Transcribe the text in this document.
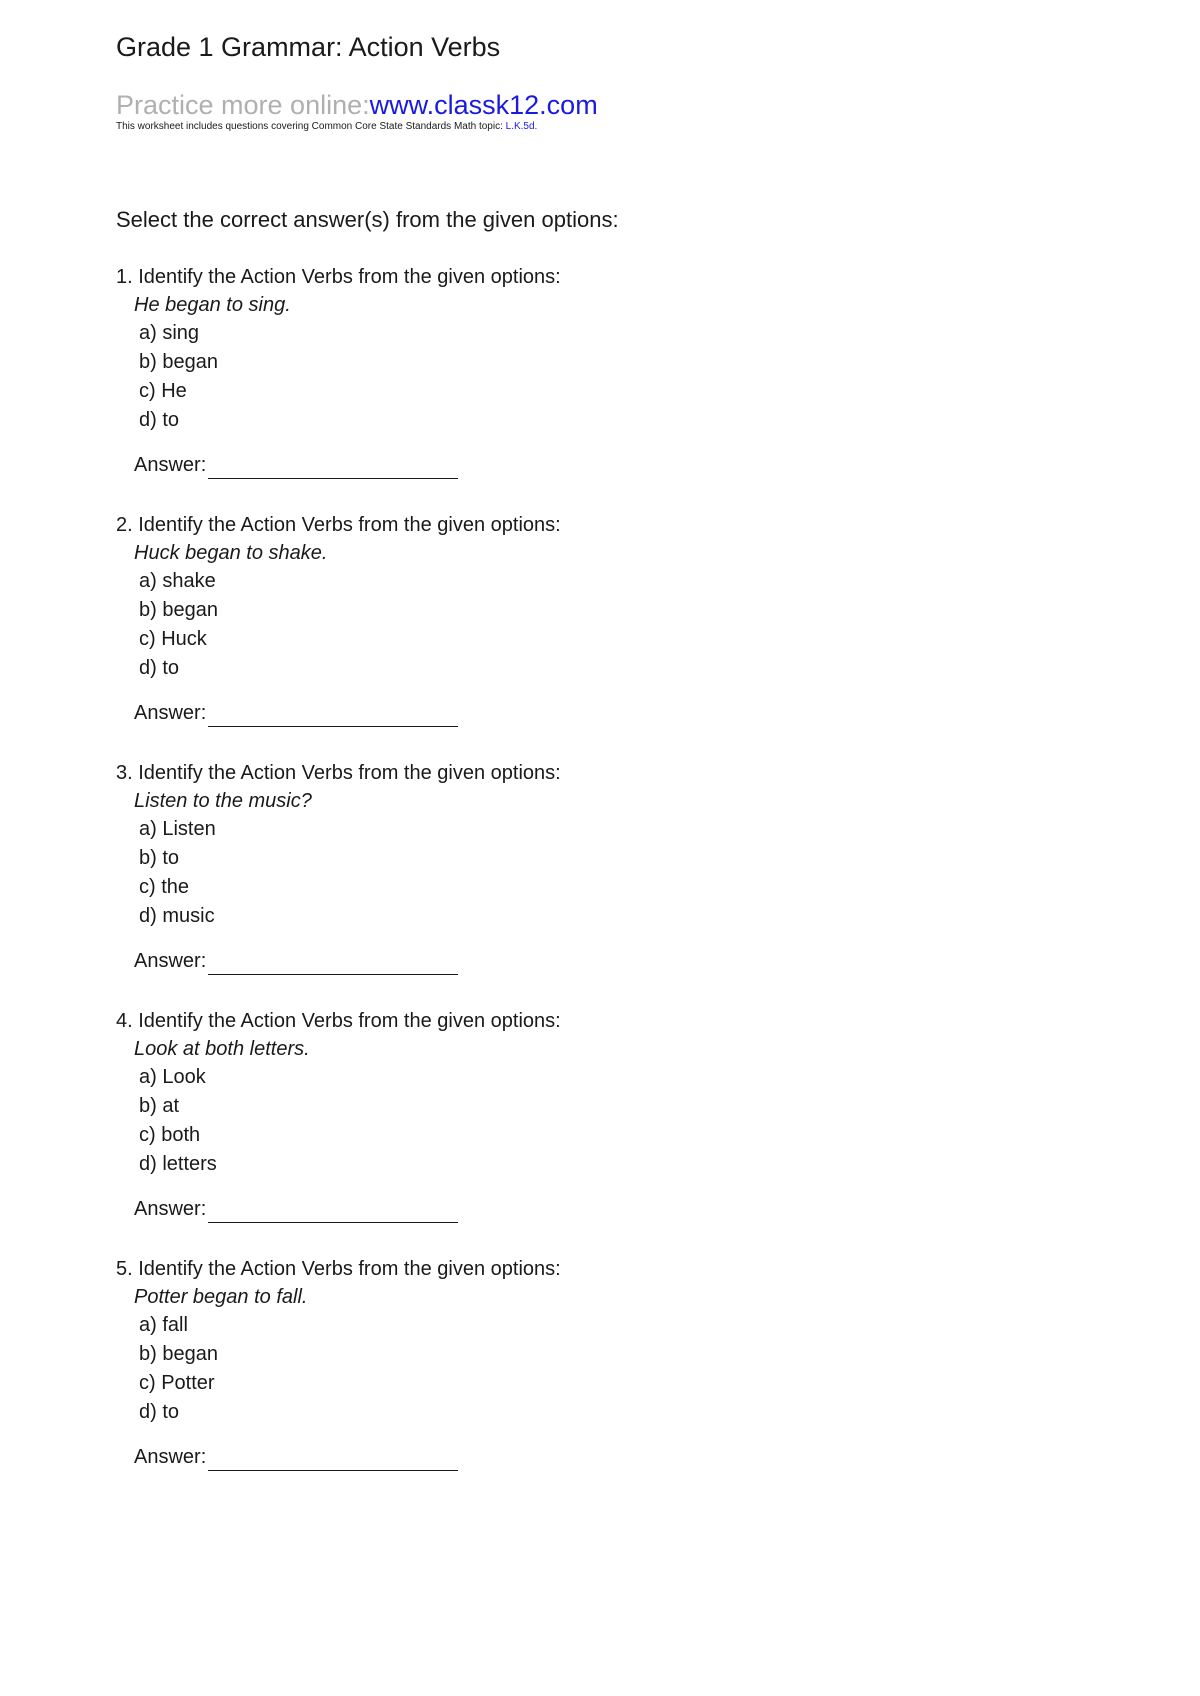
Grade 1 Grammar: Action Verbs
Practice more online:www.classk12.com
This worksheet includes questions covering Common Core State Standards Math topic: L.K.5d.
Select the correct answer(s) from the given options:
1. Identify the Action Verbs from the given options:
He began to sing.
a) sing
b) began
c) He
d) to
Answer:
2. Identify the Action Verbs from the given options:
Huck began to shake.
a) shake
b) began
c) Huck
d) to
Answer:
3. Identify the Action Verbs from the given options:
Listen to the music?
a) Listen
b) to
c) the
d) music
Answer:
4. Identify the Action Verbs from the given options:
Look at both letters.
a) Look
b) at
c) both
d) letters
Answer:
5. Identify the Action Verbs from the given options:
Potter began to fall.
a) fall
b) began
c) Potter
d) to
Answer:
